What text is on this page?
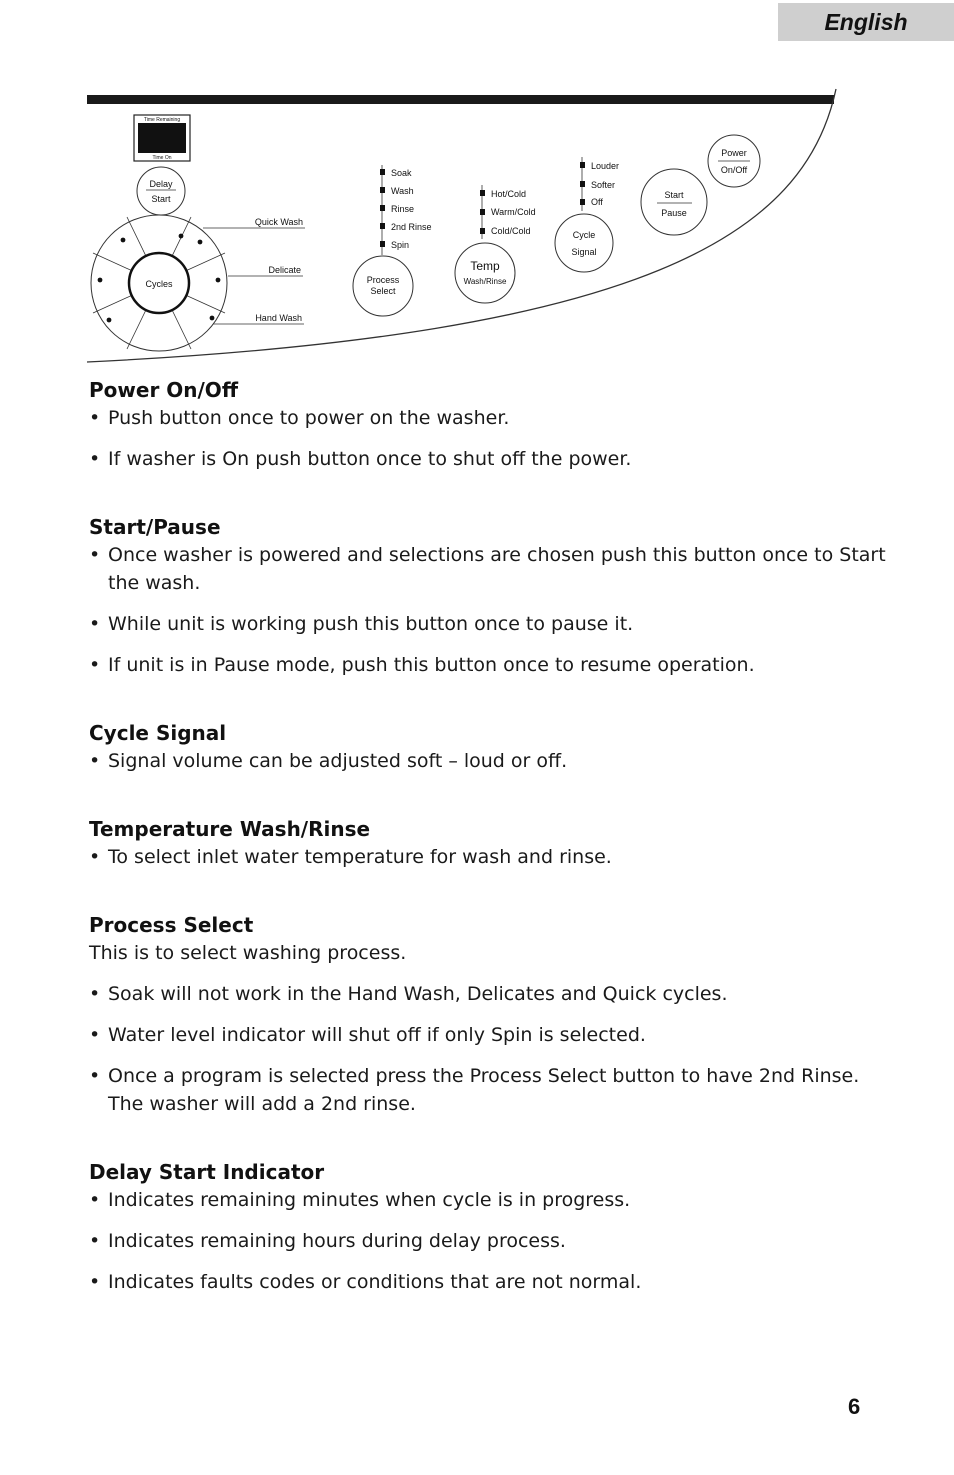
English
Time Remaining
Time On
Delay
Start
Cycles
Quick Wash
Delicate
Hand Wash
Soak
Wash
Rinse
2nd Rinse
Spin
Process
Select
Hot/Cold
Warm/Cold
Cold/Cold
Temp
Wash/Rinse
Louder
Softer
Off
Cycle
Signal
Start
Pause
Power
On/Off
Power On/Off
• Push button once to power on the washer.
• If washer is On push button once to shut off the power.
Start/Pause
• Once washer is powered and selections are chosen push this button once to Start the wash.
• While unit is working push this button once to pause it.
• If unit is in Pause mode, push this button once to resume operation.
Cycle Signal
• Signal volume can be adjusted soft – loud or off.
Temperature Wash/Rinse
• To select inlet water temperature for wash and rinse.
Process Select

This is to select washing process.

• Soak will not work in the Hand Wash, Delicates and Quick cycles.
• Water level indicator will shut off if only Spin is selected.
• Once a program is selected press the Process Select button to have 2nd Rinse. The washer will add a 2nd rinse.
Delay Start Indicator
• Indicates remaining minutes when cycle is in progress.
• Indicates remaining hours during delay process.
• Indicates faults codes or conditions that are not normal.
6
